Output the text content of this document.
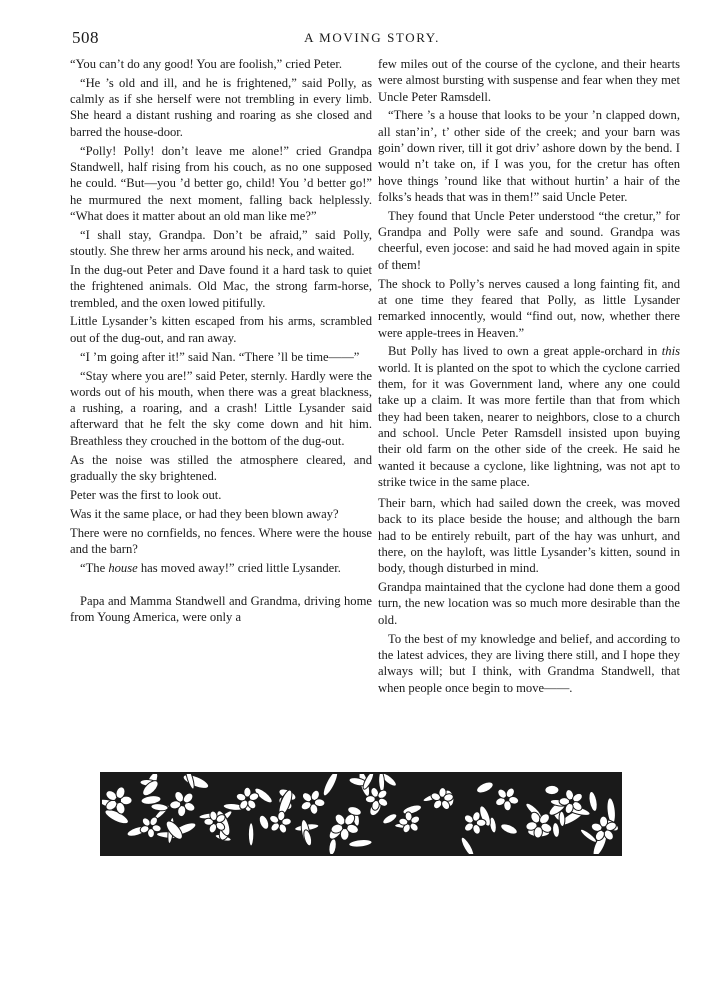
508	A MOVING STORY.

“You can’t do any good! You are foolish,” cried Peter.

“He ’s old and ill, and he is frightened,” said Polly, as calmly as if she herself were not trembling in every limb. She heard a distant rushing and roaring as she closed and barred the house-door.

“Polly! Polly! don’t leave me alone!” cried Grandpa Standwell, half rising from his couch, as no one supposed he could. “But—you ’d better go, child! You ’d better go!” he murmured the next moment, falling back helplessly. “What does it matter about an old man like me?”

“I shall stay, Grandpa. Don’t be afraid,” said Polly, stoutly. She threw her arms around his neck, and waited.

In the dug-out Peter and Dave found it a hard task to quiet the frightened animals. Old Mac, the strong farm-horse, trembled, and the oxen lowed pitifully.

Little Lysander’s kitten escaped from his arms, scrambled out of the dug-out, and ran away.

“I ’m going after it!” said Nan. “There ’ll be time——”

“Stay where you are!” said Peter, sternly. Hardly were the words out of his mouth, when there was a great blackness, a rushing, a roaring, and a crash! Little Lysander said afterward that he felt the sky come down and hit him. Breathless they crouched in the bottom of the dug-out.

As the noise was stilled the atmosphere cleared, and gradually the sky brightened.

Peter was the first to look out.

Was it the same place, or had they been blown away?

There were no cornfields, no fences. Where were the house and the barn?

“The house has moved away!” cried little Lysander.

Papa and Mamma Standwell and Grandma, driving home from Young America, were only a

few miles out of the course of the cyclone, and their hearts were almost bursting with suspense and fear when they met Uncle Peter Ramsdell.

“There ’s a house that looks to be your ’n clapped down, all stan’in’, t’ other side of the creek; and your barn was goin’ down river, till it got driv’ ashore down by the bend. I would n’t take on, if I was you, for the cretur has often hove things ’round like that without hurtin’ a hair of the folks’s heads that was in them!” said Uncle Peter.

They found that Uncle Peter understood “the cretur,” for Grandpa and Polly were safe and sound. Grandpa was cheerful, even jocose: and said he had moved again in spite of them!

The shock to Polly’s nerves caused a long fainting fit, and at one time they feared that Polly, as little Lysander remarked innocently, would “find out, now, whether there were apple-trees in Heaven.”

But Polly has lived to own a great apple-orchard in this world. It is planted on the spot to which the cyclone carried them, for it was Government land, where any one could take up a claim. It was more fertile than that from which they had been taken, nearer to neighbors, close to a church and school. Uncle Peter Ramsdell insisted upon buying their old farm on the other side of the creek. He said he wanted it because a cyclone, like lightning, was not apt to strike twice in the same place.

Their barn, which had sailed down the creek, was moved back to its place beside the house; and although the barn had to be entirely rebuilt, part of the hay was unhurt, and there, on the hayloft, was little Lysander’s kitten, sound in body, though disturbed in mind.

Grandpa maintained that the cyclone had done them a good turn, the new location was so much more desirable than the old.

To the best of my knowledge and belief, and according to the latest advices, they are living there still, and I hope they always will; but I think, with Grandma Standwell, that when people once begin to move——.
